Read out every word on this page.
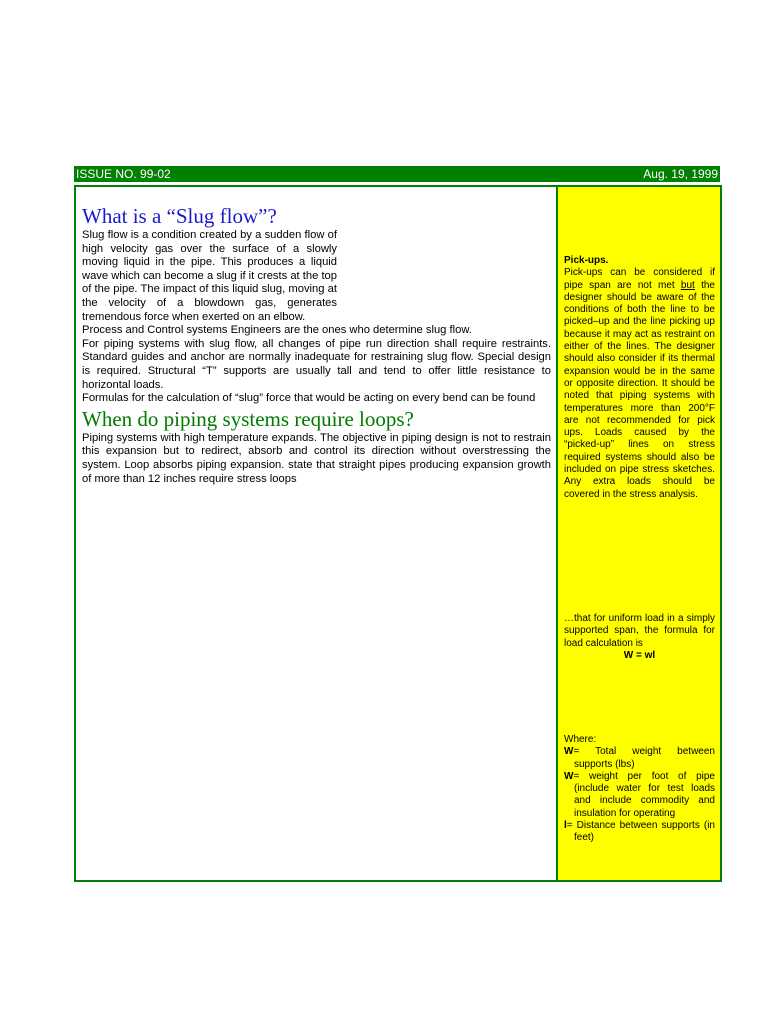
ISSUE NO. 99-02	Aug. 19, 1999
What is a “Slug flow”?

Slug flow is a condition created by a sudden flow of high velocity gas over the surface of a slowly moving liquid in the pipe. This produces a liquid wave which can become a slug if it crests at the top of the pipe. The impact of this liquid slug, moving at the velocity of a blowdown gas, generates tremendous force when exerted on an elbow.

Process and Control systems Engineers are the ones who determine slug flow.

For piping systems with slug flow, all changes of pipe run direction shall require restraints. Standard guides and anchor are normally inadequate for restraining slug flow. Special design is required. Structural “T” supports are usually tall and tend to offer little resistance to horizontal loads.

Formulas for the calculation of “slug” force that would be acting on every bend can be found

When do piping systems require loops?

Piping systems with high temperature expands. The objective in piping design is not to restrain this expansion but to redirect, absorb and control its direction without overstressing the system. Loop absorbs piping expansion. state that straight pipes producing expansion growth of more than 12 inches require stress loops

Pick-ups.

Pick-ups can be considered if pipe span are not met but the designer should be aware of the conditions of both the line to be picked–up and the line picking up because it may act as restraint on either of the lines. The designer should also consider if its thermal expansion would be in the same or opposite direction. It should be noted that piping systems with temperatures more than 200°F are not recommended for pick ups. Loads caused by the “picked-up” lines on stress required systems should also be included on pipe stress sketches. Any extra loads should be covered in the stress analysis.

…that for uniform load in a simply supported span, the formula for load calculation is

W = wl

Where:

W= Total weight between supports (lbs)

W= weight per foot of pipe (include water for test loads and include commodity and insulation for operating

l= Distance between supports (in feet)
